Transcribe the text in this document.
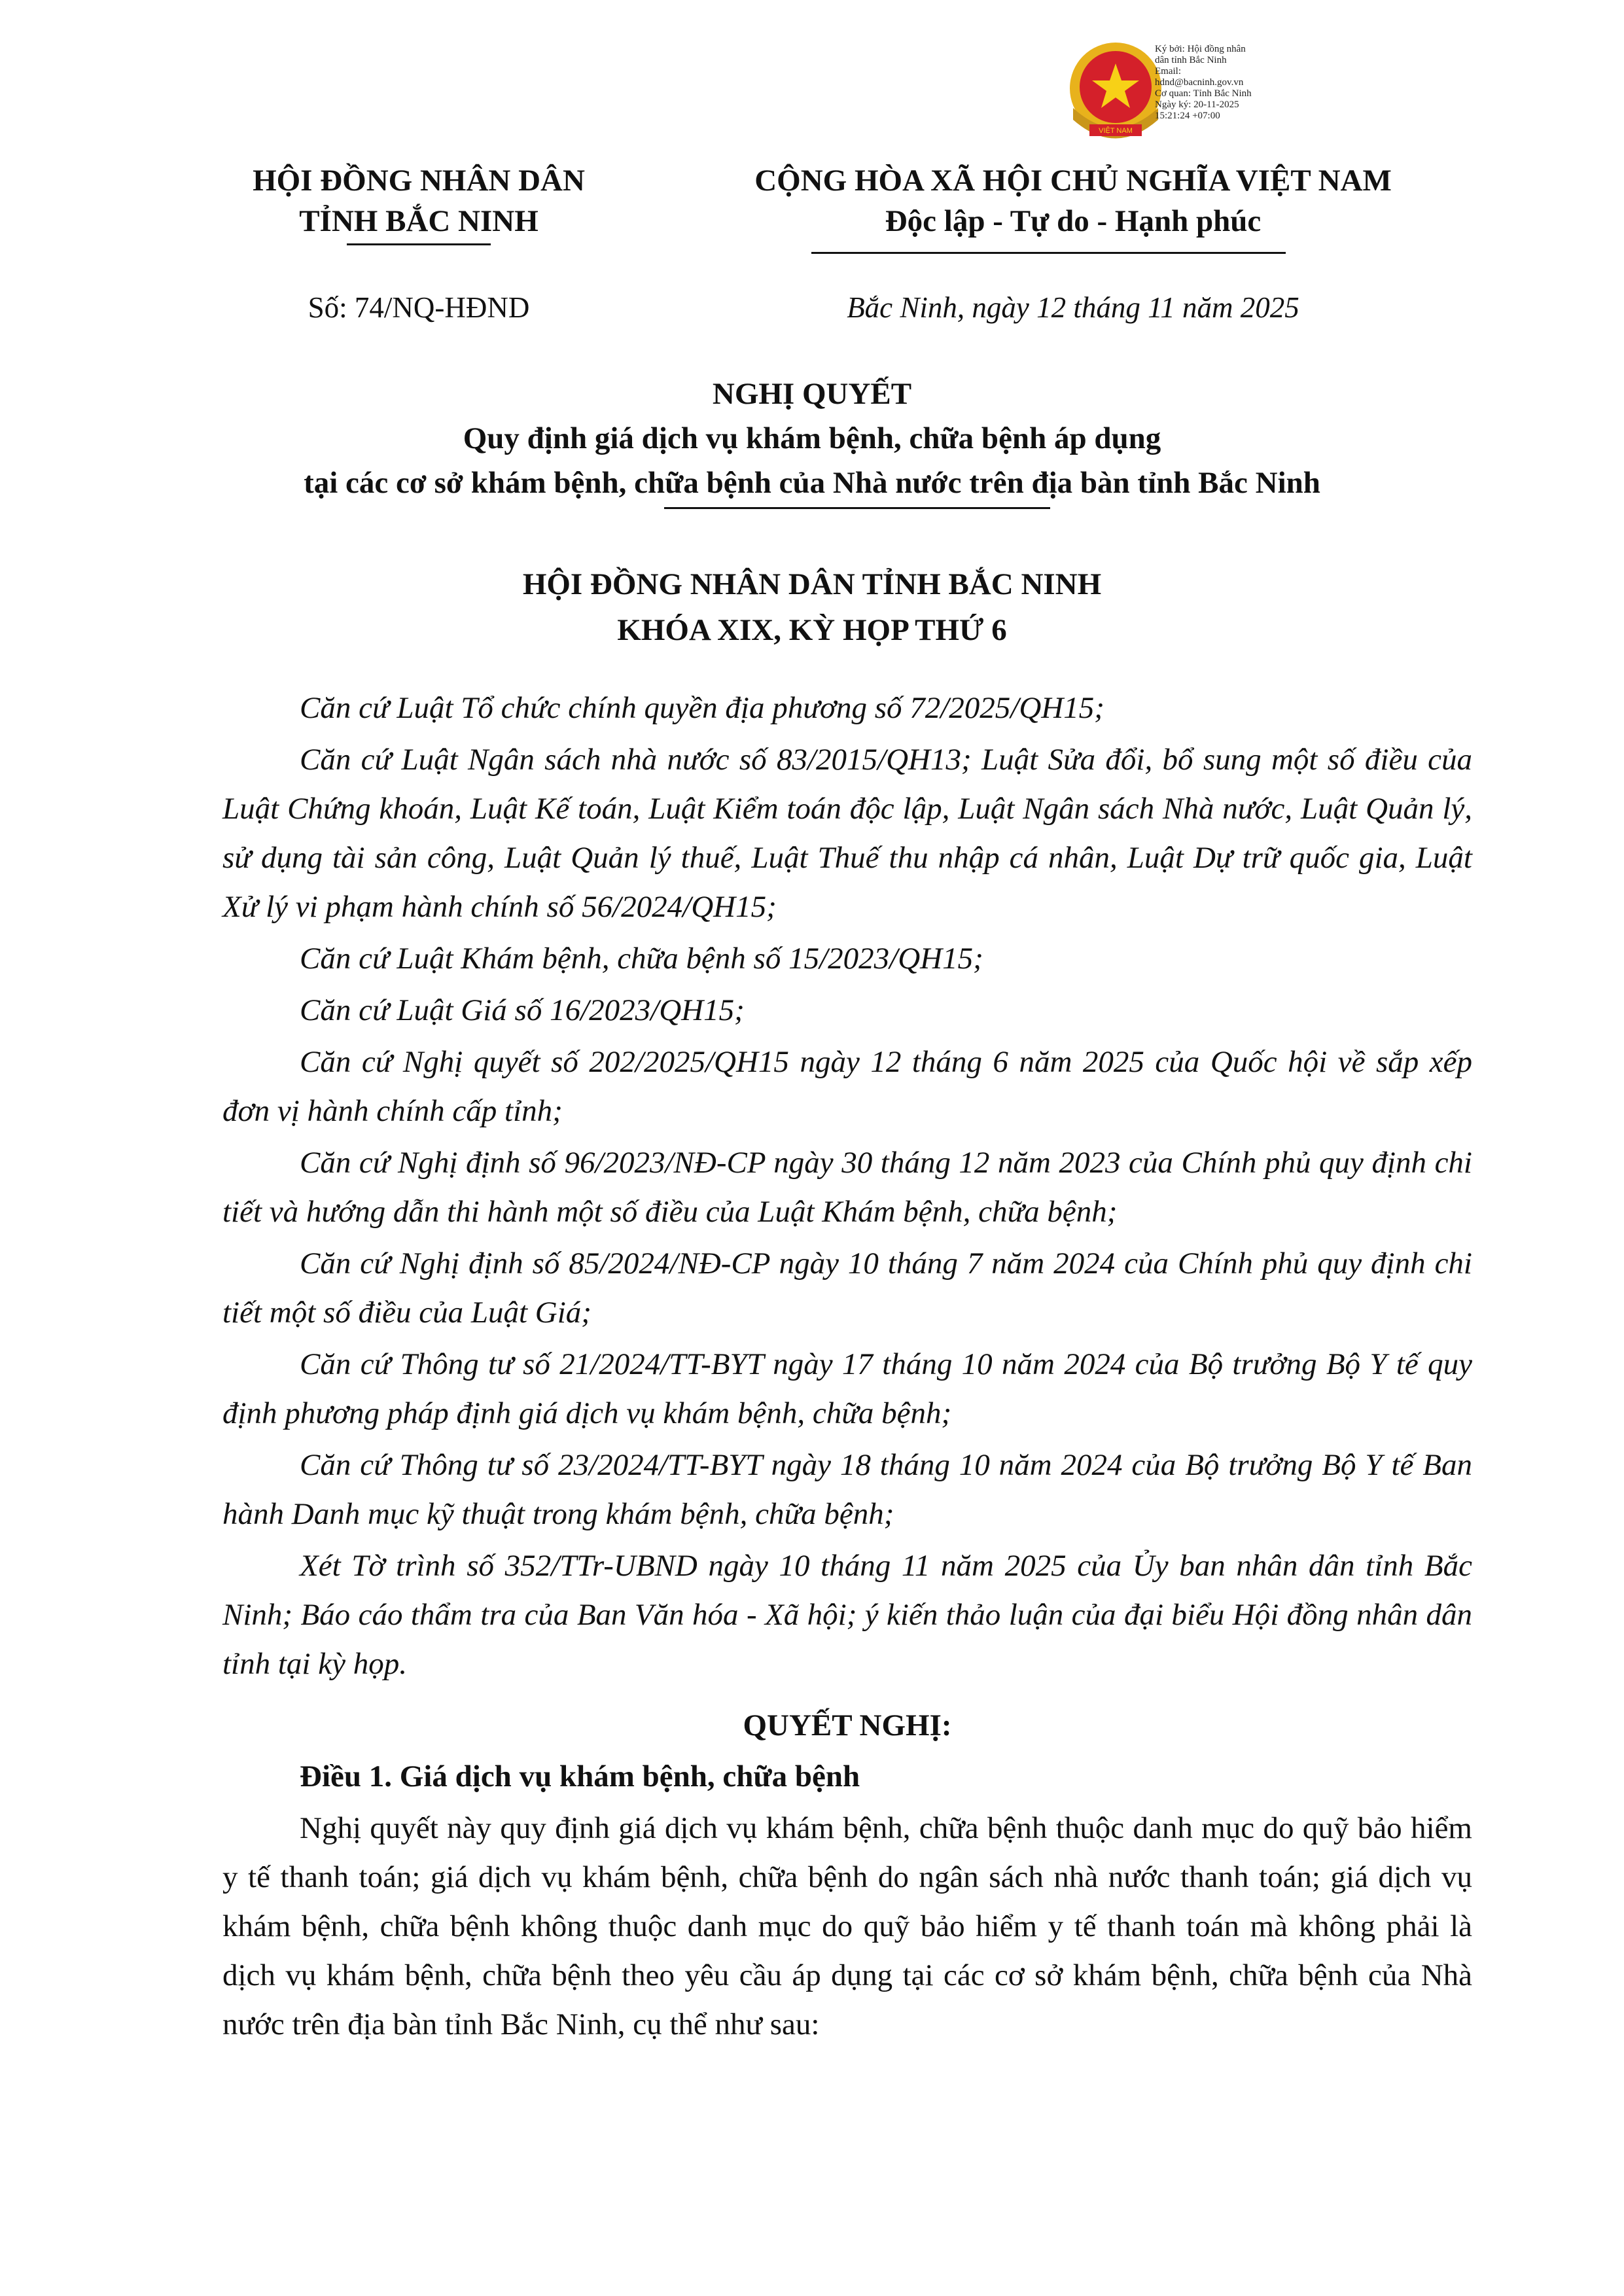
VIỆT NAM
Ký bởi: Hội đồng nhân
dân tỉnh Bắc Ninh
Email:
hdnd@bacninh.gov.vn
Cơ quan: Tỉnh Bắc Ninh
Ngày ký: 20-11-2025
15:21:24 +07:00
HỘI ĐỒNG NHÂN DÂN
TỈNH BẮC NINH
CỘNG HÒA XÃ HỘI CHỦ NGHĨA VIỆT NAM
Độc lập - Tự do - Hạnh phúc
Số: 74/NQ-HĐND	Bắc Ninh, ngày 12 tháng 11 năm 2025
NGHỊ QUYẾT
Quy định giá dịch vụ khám bệnh, chữa bệnh áp dụng
tại các cơ sở khám bệnh, chữa bệnh của Nhà nước trên địa bàn tỉnh Bắc Ninh
HỘI ĐỒNG NHÂN DÂN TỈNH BẮC NINH
KHÓA XIX, KỲ HỌP THỨ 6

Căn cứ Luật Tổ chức chính quyền địa phương số 72/2025/QH15;

Căn cứ Luật Ngân sách nhà nước số 83/2015/QH13; Luật Sửa đổi, bổ sung một số điều của Luật Chứng khoán, Luật Kế toán, Luật Kiểm toán độc lập, Luật Ngân sách Nhà nước, Luật Quản lý, sử dụng tài sản công, Luật Quản lý thuế, Luật Thuế thu nhập cá nhân, Luật Dự trữ quốc gia, Luật Xử lý vi phạm hành chính số 56/2024/QH15;

Căn cứ Luật Khám bệnh, chữa bệnh số 15/2023/QH15;

Căn cứ Luật Giá số 16/2023/QH15;

Căn cứ Nghị quyết số 202/2025/QH15 ngày 12 tháng 6 năm 2025 của Quốc hội về sắp xếp đơn vị hành chính cấp tỉnh;

Căn cứ Nghị định số 96/2023/NĐ-CP ngày 30 tháng 12 năm 2023 của Chính phủ quy định chi tiết và hướng dẫn thi hành một số điều của Luật Khám bệnh, chữa bệnh;

Căn cứ Nghị định số 85/2024/NĐ-CP ngày 10 tháng 7 năm 2024 của Chính phủ quy định chi tiết một số điều của Luật Giá;

Căn cứ Thông tư số 21/2024/TT-BYT ngày 17 tháng 10 năm 2024 của Bộ trưởng Bộ Y tế quy định phương pháp định giá dịch vụ khám bệnh, chữa bệnh;

Căn cứ Thông tư số 23/2024/TT-BYT ngày 18 tháng 10 năm 2024 của Bộ trưởng Bộ Y tế Ban hành Danh mục kỹ thuật trong khám bệnh, chữa bệnh;

Xét Tờ trình số 352/TTr-UBND ngày 10 tháng 11 năm 2025 của Ủy ban nhân dân tỉnh Bắc Ninh; Báo cáo thẩm tra của Ban Văn hóa - Xã hội; ý kiến thảo luận của đại biểu Hội đồng nhân dân tỉnh tại kỳ họp.

QUYẾT NGHỊ:
Điều 1. Giá dịch vụ khám bệnh, chữa bệnh

Nghị quyết này quy định giá dịch vụ khám bệnh, chữa bệnh thuộc danh mục do quỹ bảo hiểm y tế thanh toán; giá dịch vụ khám bệnh, chữa bệnh do ngân sách nhà nước thanh toán; giá dịch vụ khám bệnh, chữa bệnh không thuộc danh mục do quỹ bảo hiểm y tế thanh toán mà không phải là dịch vụ khám bệnh, chữa bệnh theo yêu cầu áp dụng tại các cơ sở khám bệnh, chữa bệnh của Nhà nước trên địa bàn tỉnh Bắc Ninh, cụ thể như sau:
